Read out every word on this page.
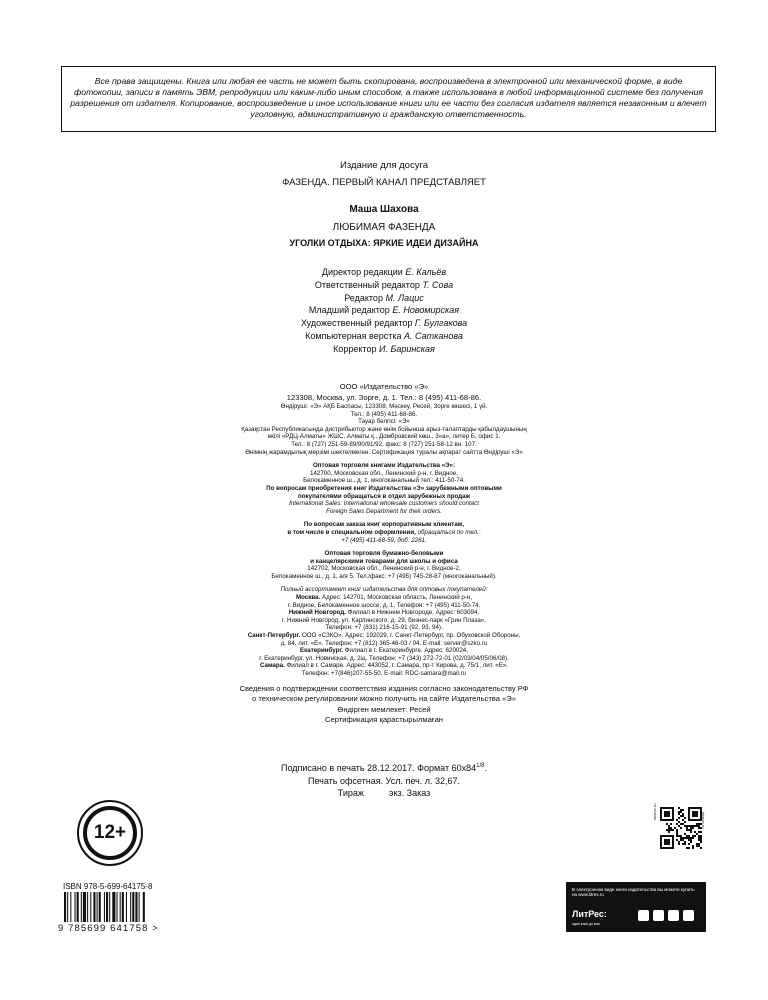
Все права защищены. Книга или любая ее часть не может быть скопирована, воспроизведена в электронной или механической форме, в виде фотокопии, записи в память ЭВМ, репродукции или каким-либо иным способом, а также использована в любой информационной системе без получения разрешения от издателя. Копирование, воспроизведение и иное использование книги или ее части без согласия издателя является незаконным и влечет уголовную, административную и гражданскую ответственность.
Издание для досуга
ФАЗЕНДА. ПЕРВЫЙ КАНАЛ ПРЕДСТАВЛЯЕТ
Маша Шахова
ЛЮБИМАЯ ФАЗЕНДА
УГОЛКИ ОТДЫХА: ЯРКИЕ ИДЕИ ДИЗАЙНА
Директор редакции Е. Кальёв
Ответственный редактор Т. Сова
Редактор М. Лацис
Младший редактор Е. Новомирская
Художественный редактор Г. Булгакова
Компьютерная верстка А. Сатканова
Корректор И. Баринская
ООО «Издательство «Э»
123308, Москва, ул. Зорге, д. 1. Тел.: 8 (495) 411-68-86.
Өндіруші: «Э» АҚБ Баспасы, 123308, Мәскеу, Ресей, Зорге көшесі, 1 үй.
Тел.: 8 (495) 411-68-86.
Тауар белгісі: «Э»
Қазақстан Республикасында дистрибьютор және өнім бойынша арыз-талаптарды қабылдаушының
өкілі «РДЦ-Алматы» ЖШС, Алматы қ., Домбровский көш., 3«а», литер Б, офис 1.
Тел.: 8 (727) 251-59-89/90/91/92, факс: 8 (727) 251-58-12 вн. 107.
Өнімнің жарамдылық мерзімі шектелмеген. Сертификация туралы ақпарат сайтта Өндіруші «Э»
Оптовая торговля книгами Издательства «Э»:
142700, Московская обл., Ленинский р-н, г. Видное,
Белокаменное ш., д. 1, многоканальный тел.: 411-50-74.
По вопросам приобретения книг Издательства «Э» зарубежными оптовыми
покупателями обращаться в отдел зарубежных продаж
International Sales: International wholesale customers should contact
Foreign Sales Department for their orders.
По вопросам заказа книг корпоративным клиентам,
в том числе в специальном оформлении, обращаться по тел.:
+7 (495) 411-68-59, доб. 2261.
Оптовая торговля бумажно-беловыми
и канцелярскими товарами для школы и офиса
142702, Московская обл., Ленинский р-н, г. Видное-2,
Белокаменное ш., д. 1, а/я 5. Тел./факс: +7 (495) 745-28-87 (многоканальный).
Полный ассортимент книг издательства для оптовых покупателей:
Москва. Адрес: 142701, Московская область, Ленинский р-н,
г. Видное, Белокаменное шоссе, д. 1. Телефон: +7 (495) 411-50-74.
Нижний Новгород. Филиал в Нижнем Новгороде. Адрес: 603094,
г. Нижний Новгород, ул. Карлинского, д. 29, бизнес-парк «Грин Плаза».
Телефон: +7 (831) 216-15-91 (92, 93, 94).
Санкт-Петербург. ООО «СЗКО». Адрес: 192029, г. Санкт-Петербург, пр. Обуховской Обороны,
д. 84, лит. «Е». Телефон: +7 (812) 365-46-03 / 04. E-mail: server@szko.ru
Екатеринбург. Филиал в г. Екатеринбурге. Адрес: 620024,
г. Екатеринбург, ул. Новинская, д. 2щ. Телефон: +7 (343) 272-72-01 (02/03/04/05/06/08).
Самара. Филиал в г. Самаре. Адрес: 443052, г. Самара, пр-т Кирова, д. 75/1, лит. «Е».
Телефон: +7(846)207-55-50. E-mail: RDC-samara@mail.ru
Сведения о подтверждении соответствия издания согласно законодательству РФ
о техническом регулировании можно получить на сайте Издательства «Э»
Өндірген мемлекет: Ресей
Сертификация қарастырылмаған
Подписано в печать 28.12.2017. Формат $60x84^{1/8}$.
Печать офсетная. Усл. печ. л. 32,67.
Тираж          экз. Заказ
12+
ISBN 978-5-699-64175-8
9 785699 641758 >
eksmo.ru
eksmo.ru
В электронном виде книги издательства вы можете купить на www.litres.ru
ЛитРес:
один клик до книг
